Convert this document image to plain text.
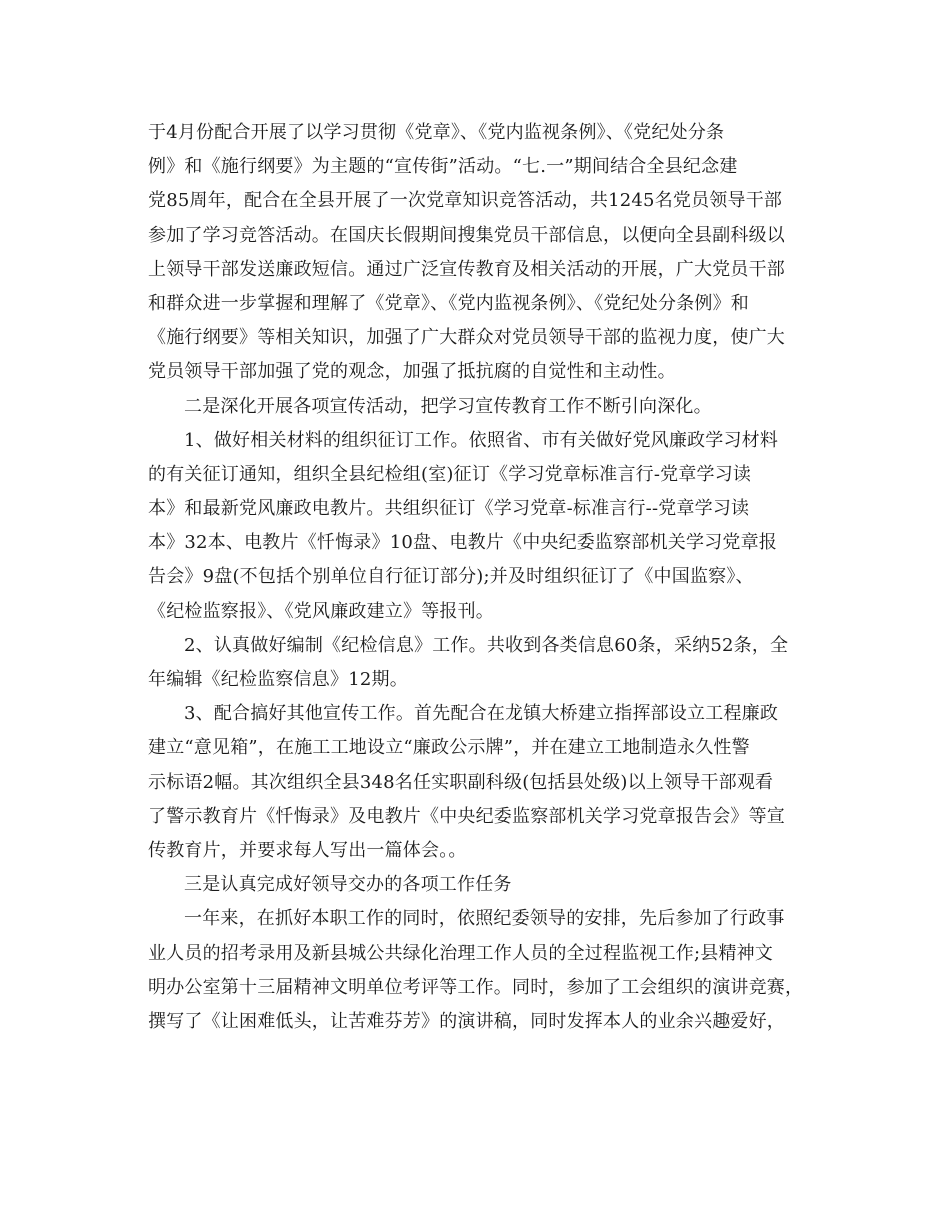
于4月份配合开展了以学习贯彻《党章》、《党内监视条例》、《党纪处分条
例》和《施行纲要》为主题的“宣传街”活动。“七.一”期间结合全县纪念建
党85周年，配合在全县开展了一次党章知识竞答活动，共1245名党员领导干部
参加了学习竞答活动。在国庆长假期间搜集党员干部信息，以便向全县副科级以
上领导干部发送廉政短信。通过广泛宣传教育及相关活动的开展，广大党员干部
和群众进一步掌握和理解了《党章》、《党内监视条例》、《党纪处分条例》和
《施行纲要》等相关知识，加强了广大群众对党员领导干部的监视力度，使广大
党员领导干部加强了党的观念，加强了抵抗腐的自觉性和主动性。
二是深化开展各项宣传活动，把学习宣传教育工作不断引向深化。
1、做好相关材料的组织征订工作。依照省、市有关做好党风廉政学习材料
的有关征订通知，组织全县纪检组(室)征订《学习党章标准言行-党章学习读
本》和最新党风廉政电教片。共组织征订《学习党章-标准言行--党章学习读
本》32本、电教片《忏悔录》10盘、电教片《中央纪委监察部机关学习党章报
告会》9盘(不包括个别单位自行征订部分);并及时组织征订了《中国监察》、
《纪检监察报》、《党风廉政建立》等报刊。
2、认真做好编制《纪检信息》工作。共收到各类信息60条，采纳52条，全
年编辑《纪检监察信息》12期。
3、配合搞好其他宣传工作。首先配合在龙镇大桥建立指挥部设立工程廉政
建立“意见箱”，在施工工地设立“廉政公示牌”，并在建立工地制造永久性警
示标语2幅。其次组织全县348名任实职副科级(包括县处级)以上领导干部观看
了警示教育片《忏悔录》及电教片《中央纪委监察部机关学习党章报告会》等宣
传教育片，并要求每人写出一篇体会。。
三是认真完成好领导交办的各项工作任务
一年来，在抓好本职工作的同时，依照纪委领导的安排，先后参加了行政事
业人员的招考录用及新县城公共绿化治理工作人员的全过程监视工作;县精神文
明办公室第十三届精神文明单位考评等工作。同时，参加了工会组织的演讲竞赛，
撰写了《让困难低头，让苦难芬芳》的演讲稿，同时发挥本人的业余兴趣爱好，
